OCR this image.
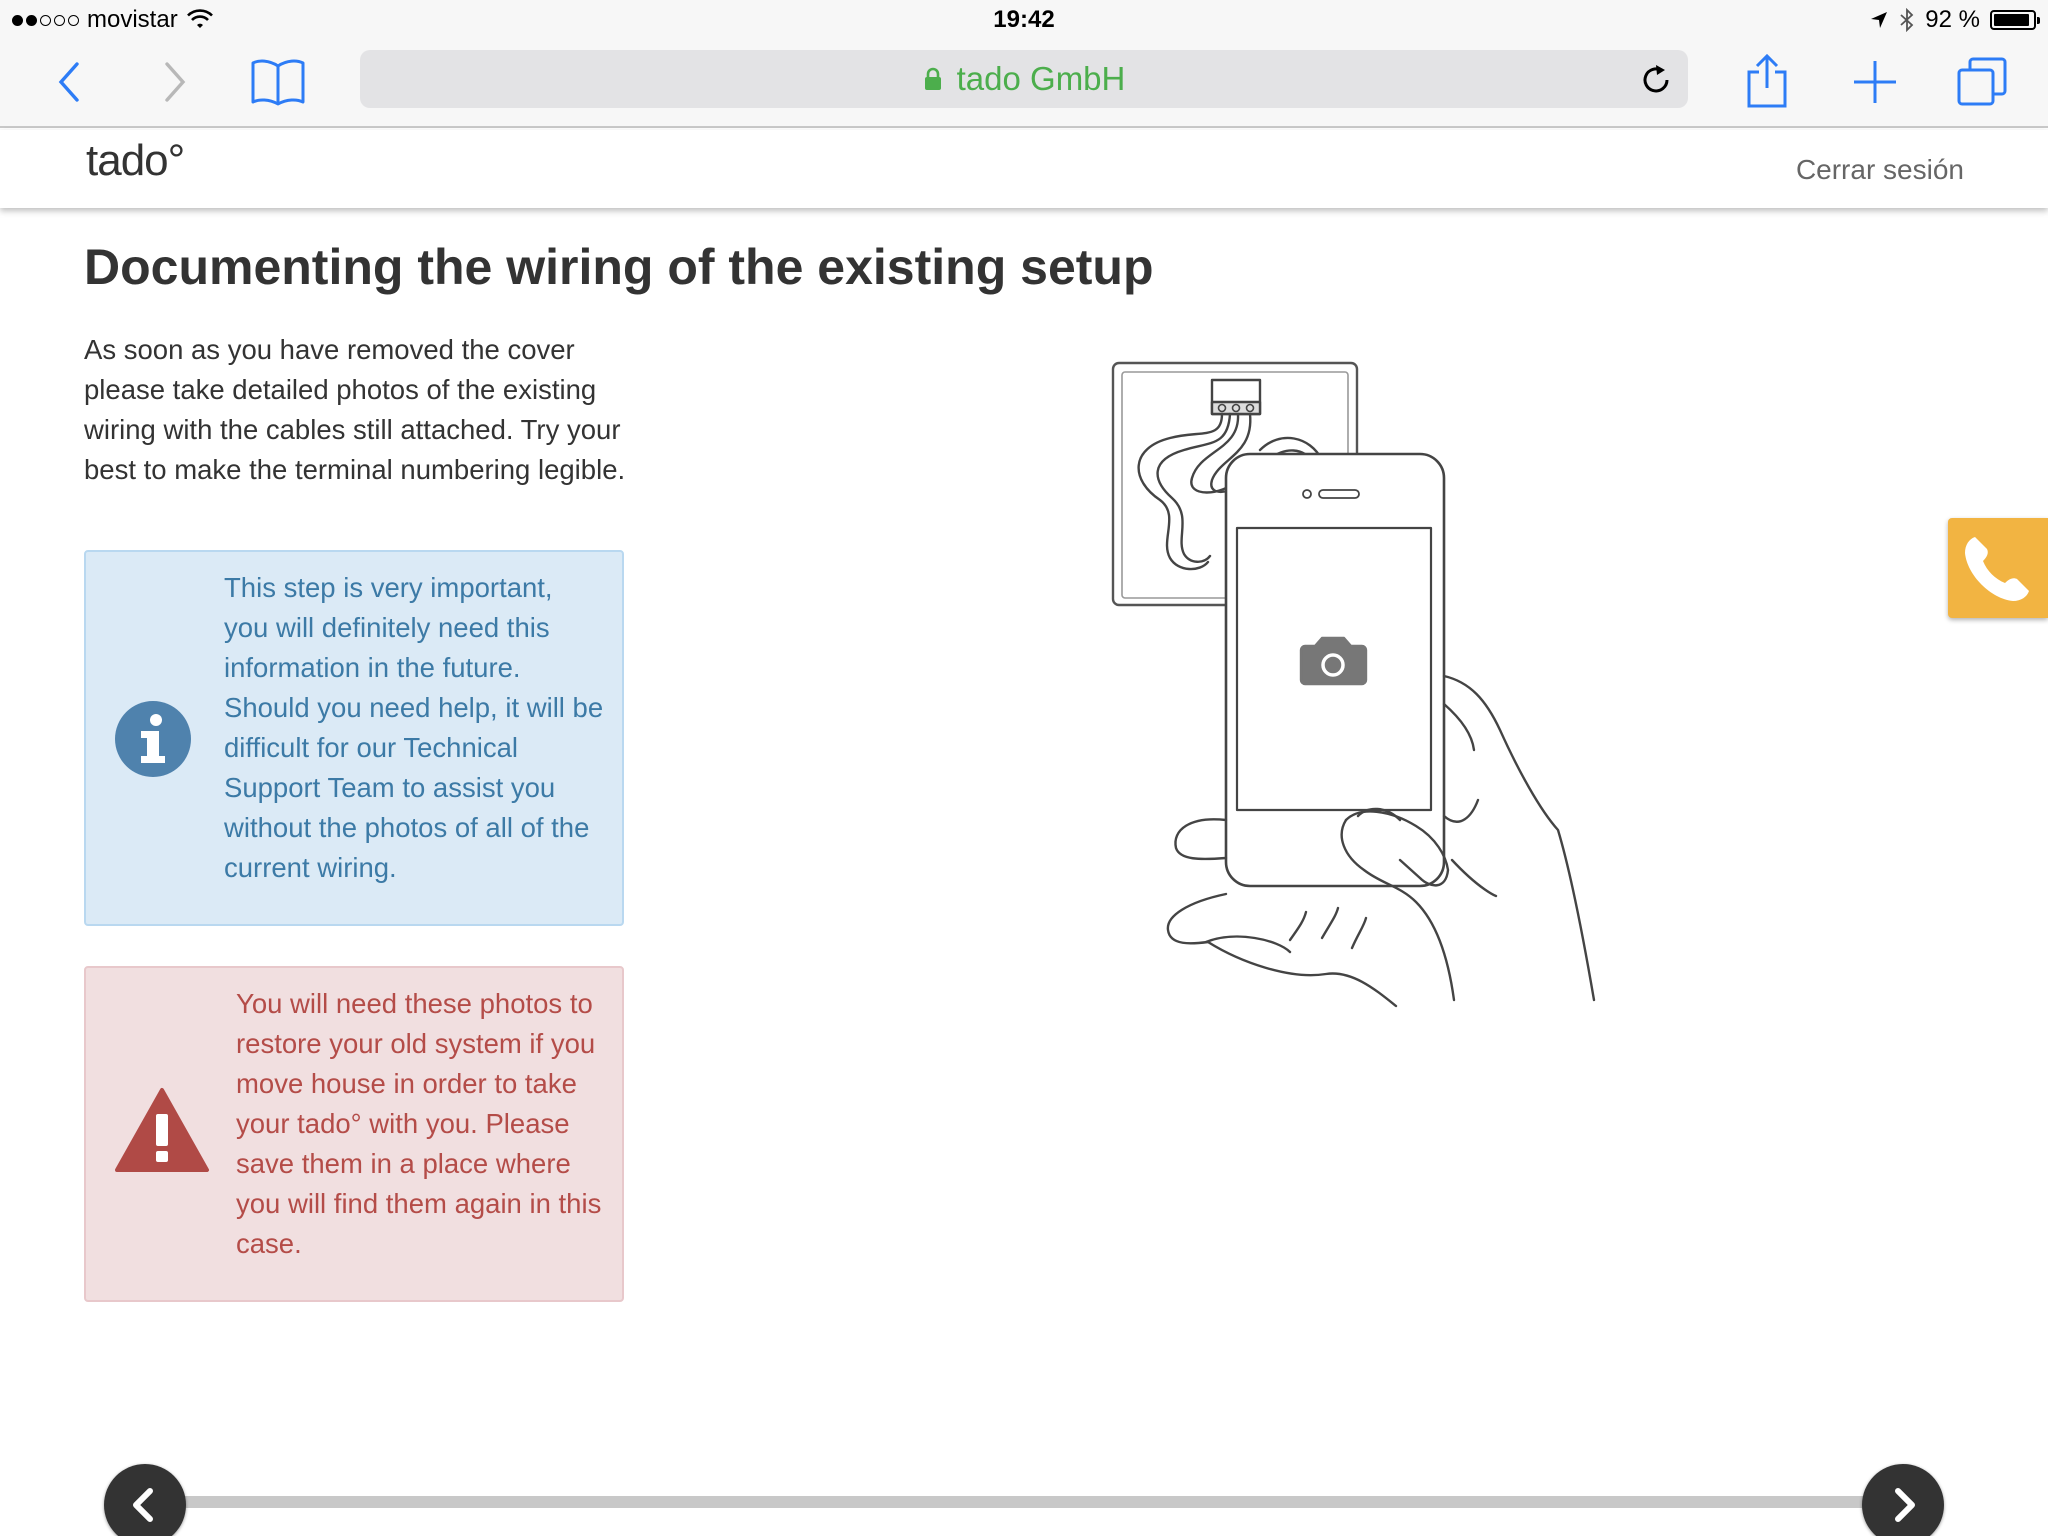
movistar	19:42	92 %
tado GmbH
tado°	Cerrar sesión
Documenting the wiring of the existing setup

As soon as you have removed the cover please take detailed photos of the existing wiring with the cables still attached. Try your best to make the terminal numbering legible.

This step is very important, you will definitely need this information in the future. Should you need help, it will be difficult for our Technical Support Team to assist you without the photos of all of the current wiring.
You will need these photos to restore your old system if you move house in order to take your tado° with you. Please save them in a place where you will find them again in this case.
